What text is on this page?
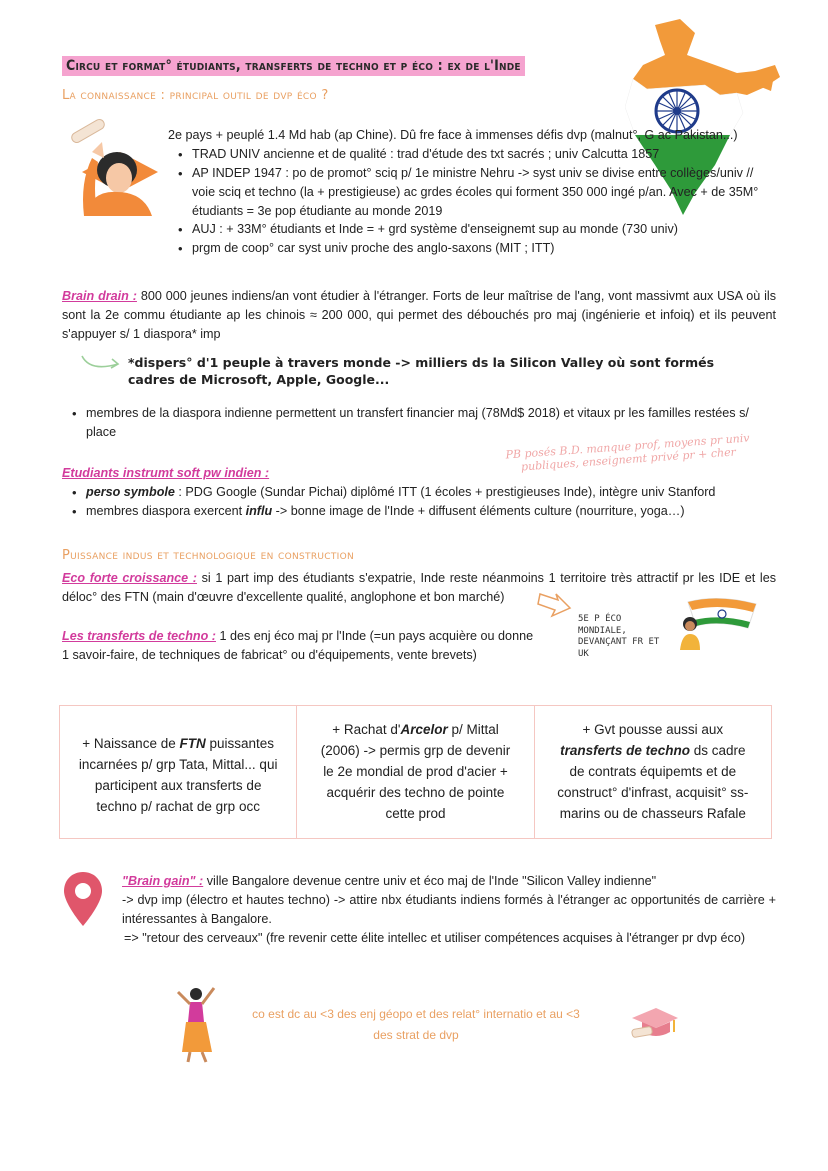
Circu et format° étudiants, transferts de techno et p éco : ex de l'Inde
La connaissance : principal outil de dvp éco ?
2e pays + peuplé 1.4 Md hab (ap Chine). Dû fre face à immenses défis dvp (malnut°, G ac Pakistan...)
• TRAD UNIV ancienne et de qualité : trad d'étude des txt sacrés ; univ Calcutta 1857
• AP INDEP 1947 : po de promot° sciq p/ 1e ministre Nehru -> syst univ se divise entre collèges/univ // voie sciq et techno (la + prestigieuse) ac grdes écoles qui forment 350 000 ingé p/an. Avec + de 35M° étudiants = 3e pop étudiante au monde 2019
• AUJ : + 33M° étudiants et Inde = + grd système d'enseignemt sup au monde (730 univ)
• prgm de coop° car syst univ proche des anglo-saxons (MIT ; ITT)
Brain drain : 800 000 jeunes indiens/an vont étudier à l'étranger. Forts de leur maîtrise de l'ang, vont massivmt aux USA où ils sont la 2e commu étudiante ap les chinois ≈ 200 000, qui permet des débouchés pro maj (ingénierie et infoiq) et ils peuvent s'appuyer s/ 1 diaspora* imp
*dispers° d'1 peuple à travers monde -> milliers ds la Silicon Valley où sont formés cadres de Microsoft, Apple, Google...
• membres de la diaspora indienne permettent un transfert financier maj (78Md$ 2018) et vitaux pr les familles restées s/ place	PB posés B.D. manque prof, moyens pr univ publiques, enseignemt privé pr + cher
Etudiants instrumt soft pw indien :
• perso symbole : PDG Google (Sundar Pichai) diplômé ITT (1 écoles + prestigieuses Inde), intègre univ Stanford
• membres diaspora exercent influ -> bonne image de l'Inde + diffusent éléments culture (nourriture, yoga…)
Puissance indus et technologique en construction
Eco forte croissance : si 1 part imp des étudiants s'expatrie, Inde reste néanmoins 1 territoire très attractif pr les IDE et les déloc° des FTN (main d'œuvre d'excellente qualité, anglophone et bon marché)
Les transferts de techno : 1 des enj éco maj pr l'Inde (=un pays acquière ou donne 1 savoir-faire, de techniques de fabricat° ou d'équipements, vente brevets)
5E P ÉCO MONDIALE, DEVANÇANT FR ET UK
+ Naissance de FTN puissantes incarnées p/ grp Tata, Mittal... qui participent aux transferts de techno p/ rachat de grp occ
+ Rachat d'Arcelor p/ Mittal (2006) -> permis grp de devenir le 2e mondial de prod d'acier + acquérir des techno de pointe cette prod
+ Gvt pousse aussi aux transferts de techno ds cadre de contrats équipemts et de construct° d'infrast, acquisit° ss-marins ou de chasseurs Rafale
"Brain gain" : ville Bangalore devenue centre univ et éco maj de l'Inde "Silicon Valley indienne"
-> dvp imp (électro et hautes techno) -> attire nbx étudiants indiens formés à l'étranger ac opportunités de carrière + intéressantes à Bangalore.
=> "retour des cerveaux" (fre revenir cette élite intellec et utiliser compétences acquises à l'étranger pr dvp éco)
co est dc au <3 des enj géopo et des relat° internatio et au <3
des strat de dvp
